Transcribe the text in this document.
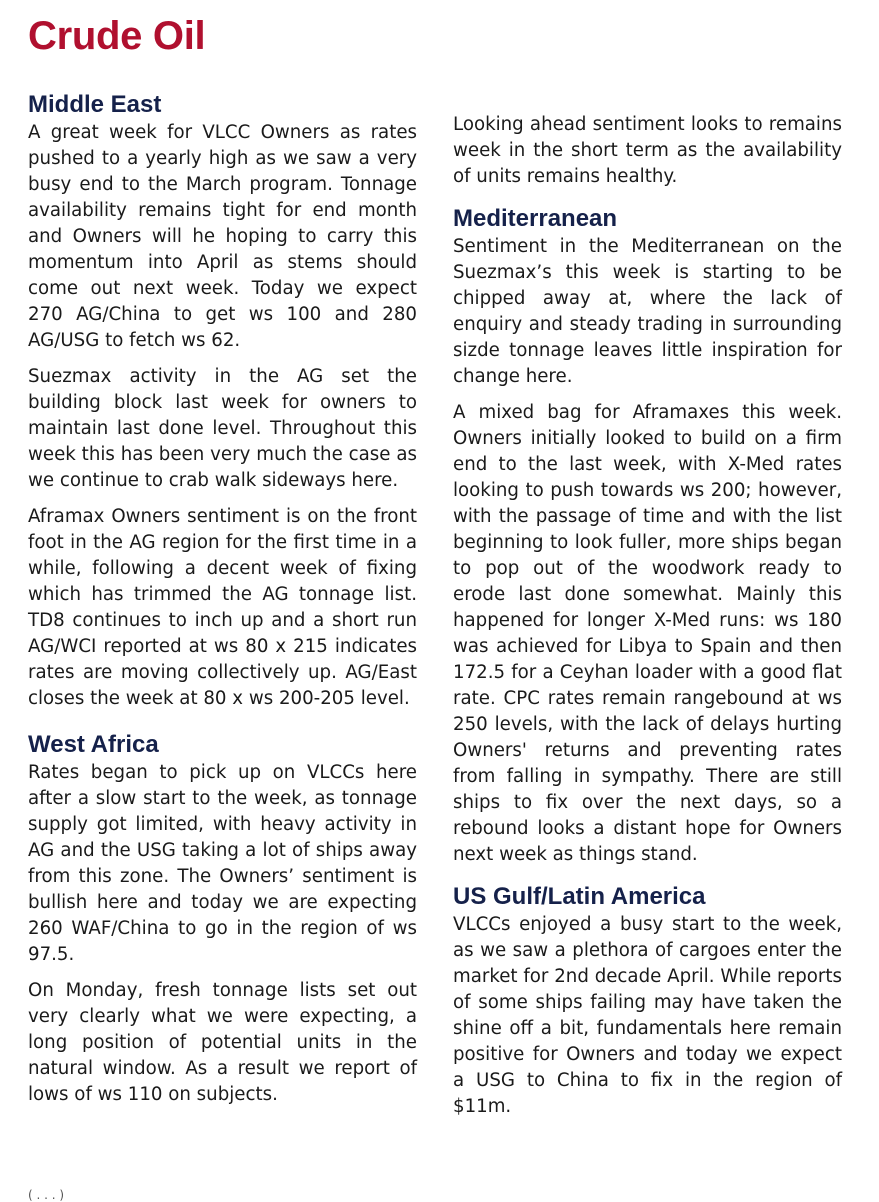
Crude Oil
Middle East

A great week for VLCC Owners as rates pushed to a yearly high as we saw a very busy end to the March program. Tonnage availability remains tight for end month and Owners will he hoping to carry this momentum into April as stems should come out next week. Today we expect 270 AG/China to get ws 100 and 280 AG/USG to fetch ws 62.

Suezmax activity in the AG set the building block last week for owners to maintain last done level. Throughout this week this has been very much the case as we continue to crab walk sideways here.

Aframax Owners sentiment is on the front foot in the AG region for the first time in a while, following a decent week of fixing which has trimmed the AG tonnage list. TD8 continues to inch up and a short run AG/WCI reported at ws 80 x 215 indicates rates are moving collectively up. AG/East closes the week at 80 x ws 200-205 level.

West Africa

Rates began to pick up on VLCCs here after a slow start to the week, as tonnage supply got limited, with heavy activity in AG and the USG taking a lot of ships away from this zone. The Owners’ sentiment is bullish here and today we are expecting 260 WAF/China to go in the region of ws 97.5.

On Monday, fresh tonnage lists set out very clearly what we were expecting, a long position of potential units in the natural window. As a result we report of lows of ws 110 on subjects.

Looking ahead sentiment looks to remains week in the short term as the availability of units remains healthy.

Mediterranean

Sentiment in the Mediterranean on the Suezmax’s this week is starting to be chipped away at, where the lack of enquiry and steady trading in surrounding sizde tonnage leaves little inspiration for change here.

A mixed bag for Aframaxes this week. Owners initially looked to build on a firm end to the last week, with X-Med rates looking to push towards ws 200; however, with the passage of time and with the list beginning to look fuller, more ships began to pop out of the woodwork ready to erode last done somewhat. Mainly this happened for longer X-Med runs: ws 180 was achieved for Libya to Spain and then 172.5 for a Ceyhan loader with a good flat rate. CPC rates remain rangebound at ws 250 levels, with the lack of delays hurting Owners' returns and preventing rates from falling in sympathy. There are still ships to fix over the next days, so a rebound looks a distant hope for Owners next week as things stand.

US Gulf/Latin America

VLCCs enjoyed a busy start to the week, as we saw a plethora of cargoes enter the market for 2nd decade April. While reports of some ships failing may have taken the shine off a bit, fundamentals here remain positive for Owners and today we expect a USG to China to fix in the region of $11m.

( . . . )
